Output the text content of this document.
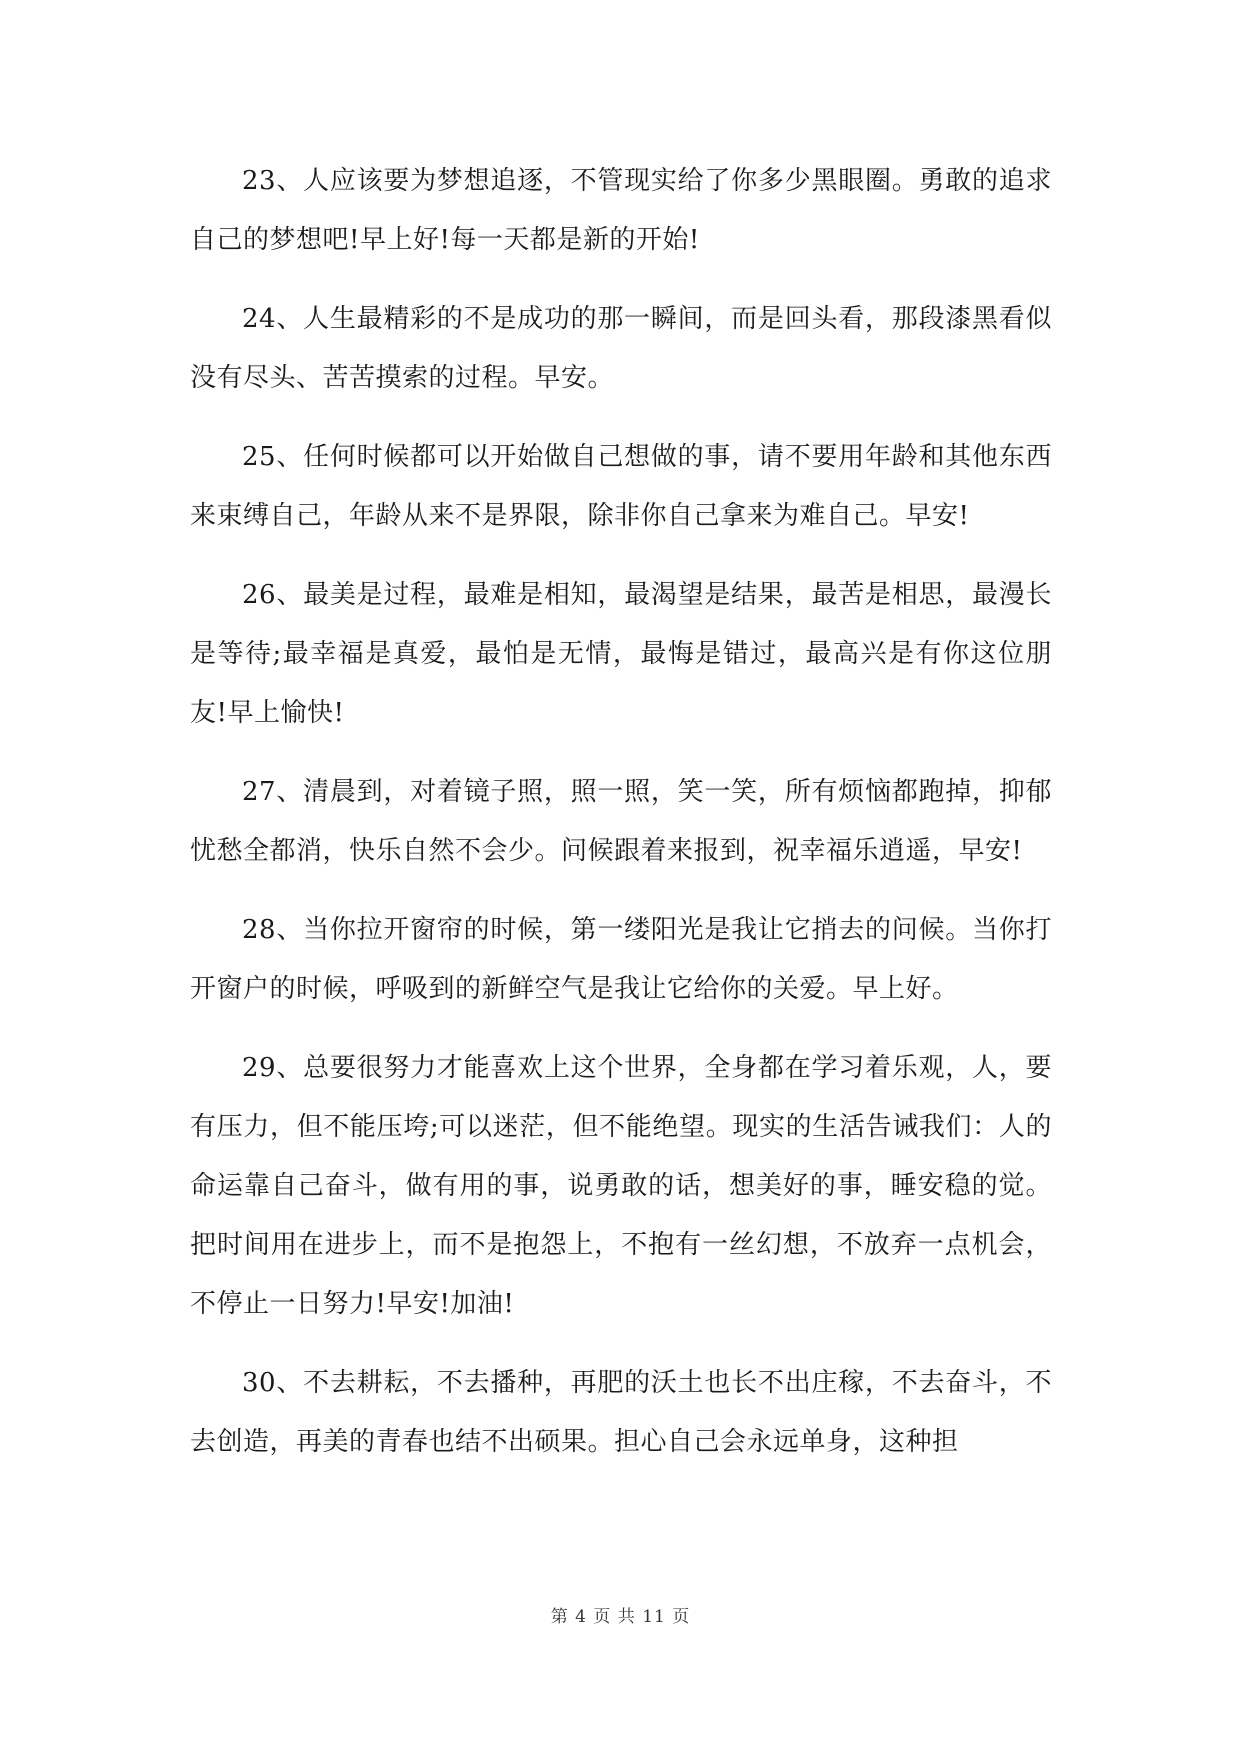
23、人应该要为梦想追逐，不管现实给了你多少黑眼圈。勇敢的追求自己的梦想吧!早上好!每一天都是新的开始!

24、人生最精彩的不是成功的那一瞬间，而是回头看，那段漆黑看似没有尽头、苦苦摸索的过程。早安。

25、任何时候都可以开始做自己想做的事，请不要用年龄和其他东西来束缚自己，年龄从来不是界限，除非你自己拿来为难自己。早安!

26、最美是过程，最难是相知，最渴望是结果，最苦是相思，最漫长是等待;最幸福是真爱，最怕是无情，最悔是错过，最高兴是有你这位朋友!早上愉快!

27、清晨到，对着镜子照，照一照，笑一笑，所有烦恼都跑掉，抑郁忧愁全都消，快乐自然不会少。问候跟着来报到，祝幸福乐逍遥，早安!

28、当你拉开窗帘的时候，第一缕阳光是我让它捎去的问候。当你打开窗户的时候，呼吸到的新鲜空气是我让它给你的关爱。早上好。

29、总要很努力才能喜欢上这个世界，全身都在学习着乐观，人，要有压力，但不能压垮;可以迷茫，但不能绝望。现实的生活告诫我们：人的命运靠自己奋斗，做有用的事，说勇敢的话，想美好的事，睡安稳的觉。把时间用在进步上，而不是抱怨上，不抱有一丝幻想，不放弃一点机会，不停止一日努力!早安!加油!

30、不去耕耘，不去播种，再肥的沃土也长不出庄稼，不去奋斗，不去创造，再美的青春也结不出硕果。担心自己会永远单身，这种担

第 4 页 共 11 页
